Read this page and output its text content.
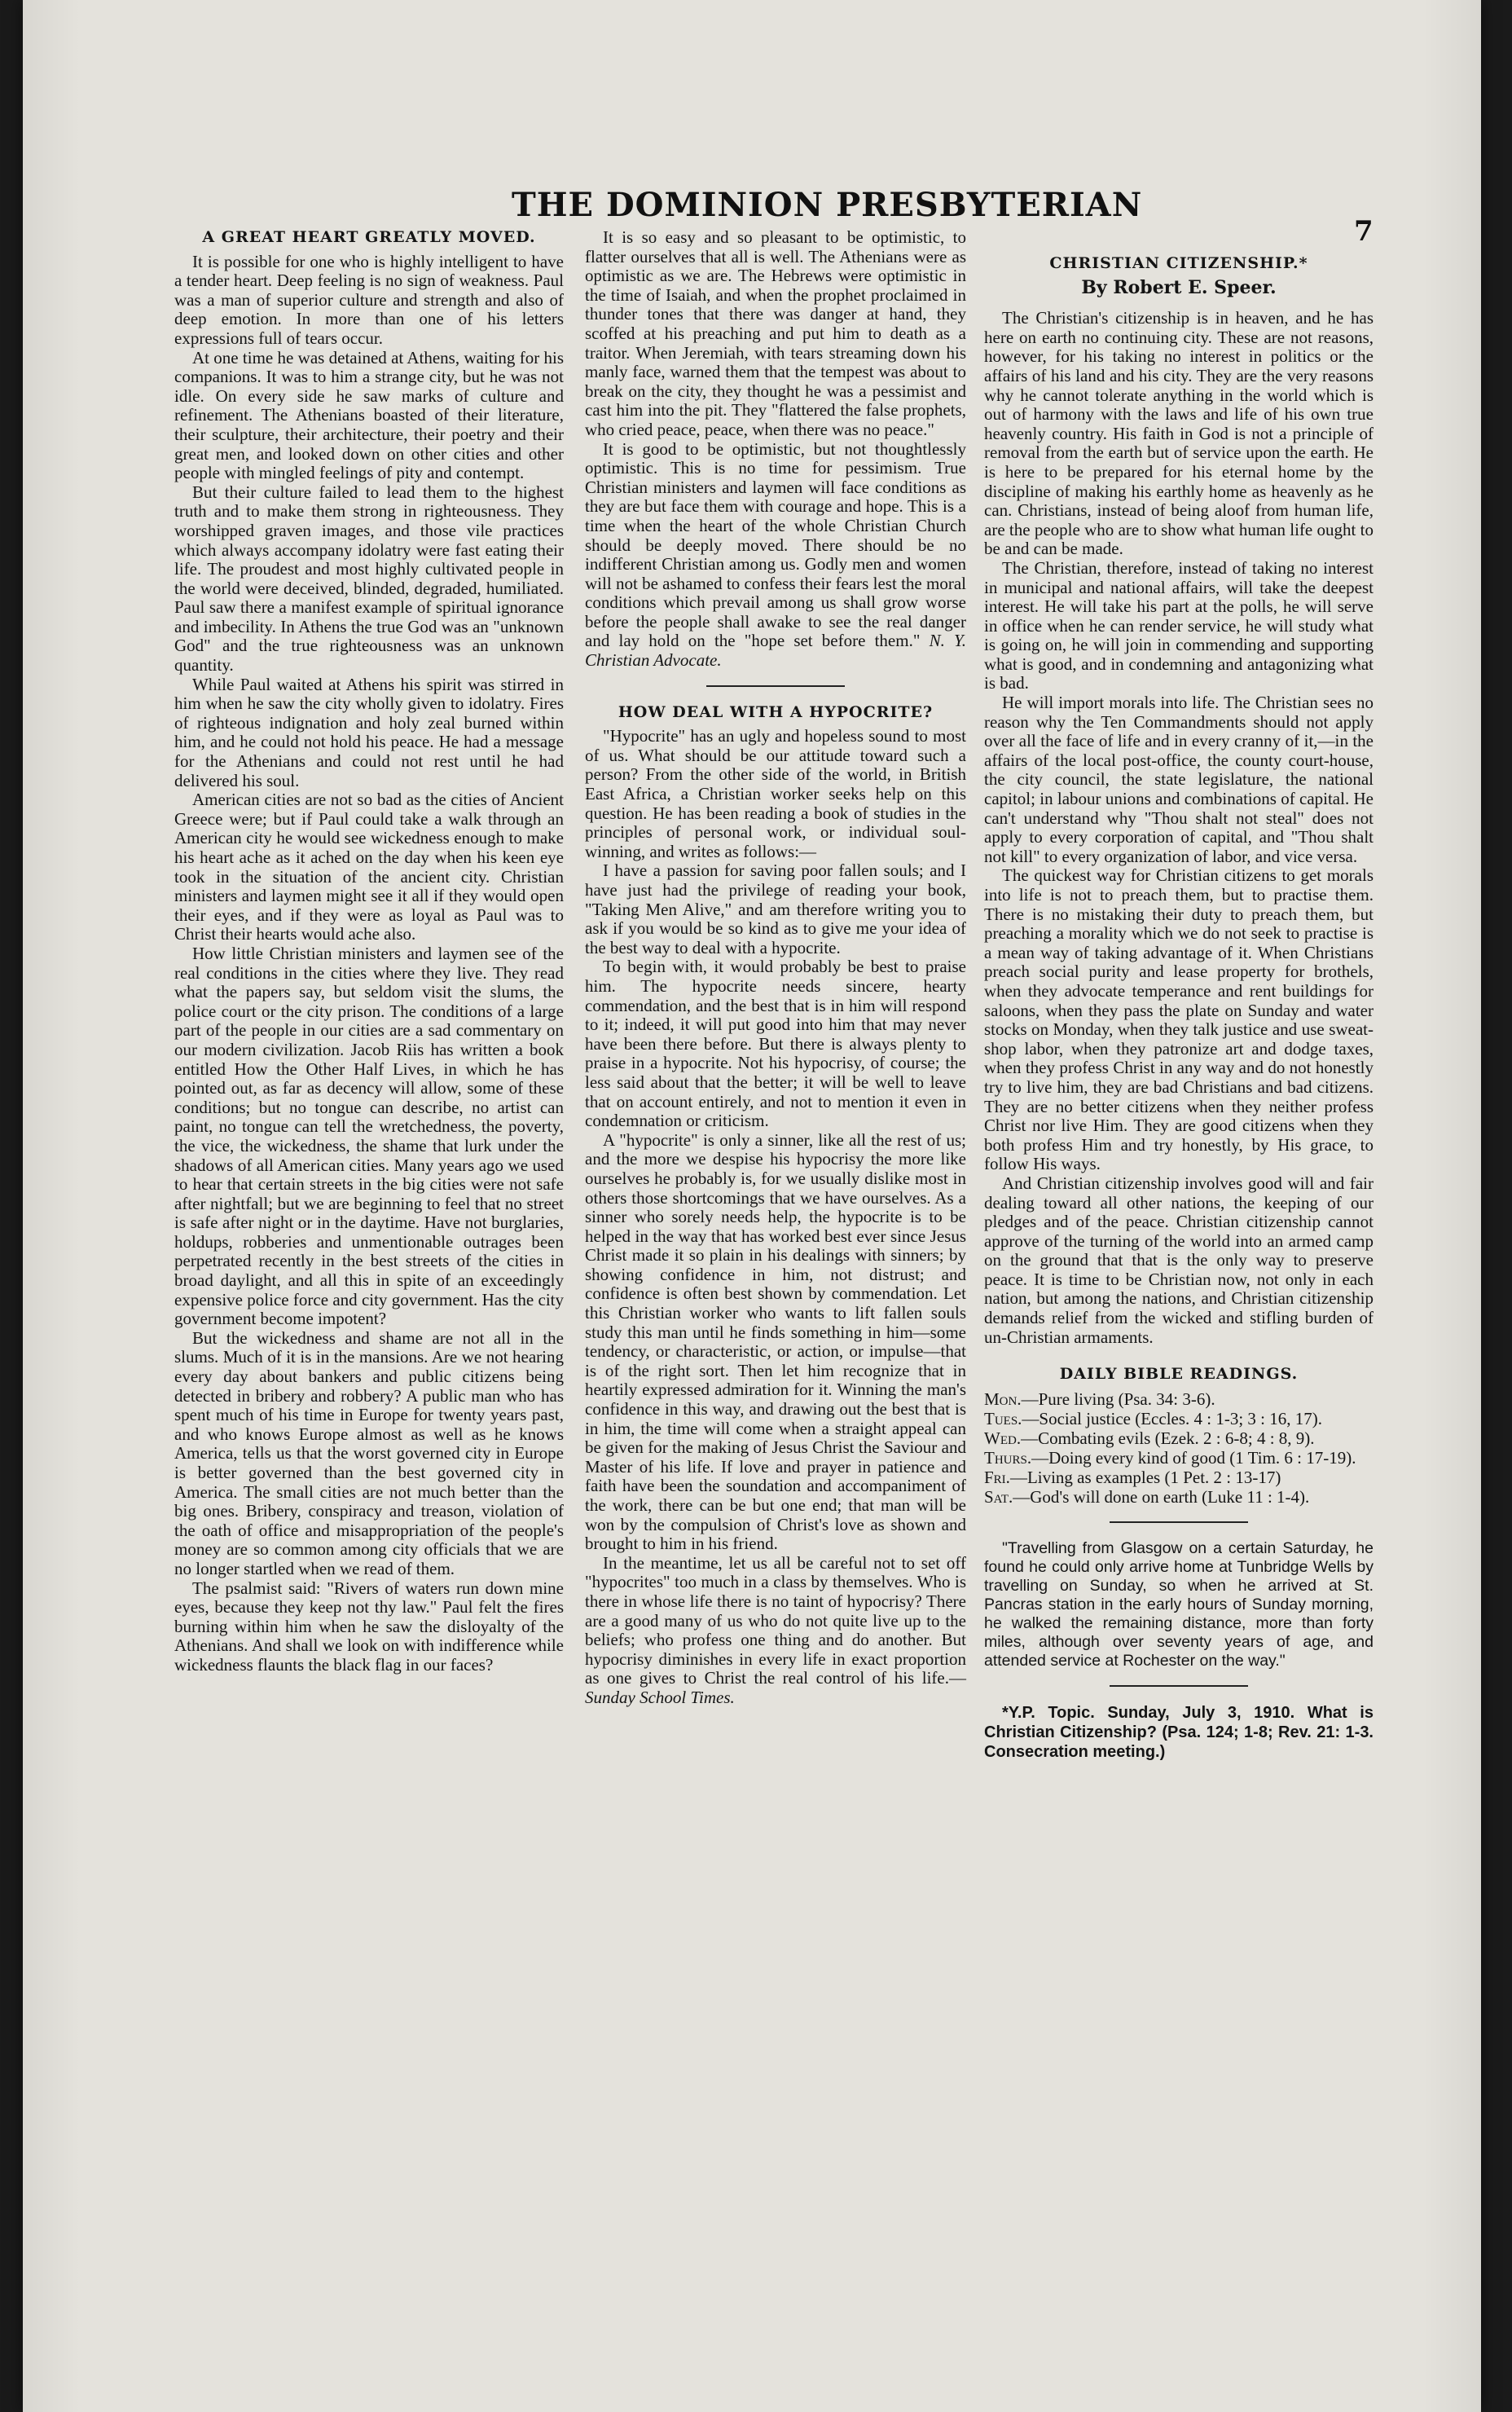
THE DOMINION PRESBYTERIAN
7
A GREAT HEART GREATLY MOVED.

It is possible for one who is highly intelligent to have a tender heart. Deep feeling is no sign of weakness. Paul was a man of superior culture and strength and also of deep emotion. In more than one of his letters expressions full of tears occur.

At one time he was detained at Athens, waiting for his companions. It was to him a strange city, but he was not idle. On every side he saw marks of culture and refinement. The Athenians boasted of their literature, their sculpture, their architecture, their poetry and their great men, and looked down on other cities and other people with mingled feelings of pity and contempt.

But their culture failed to lead them to the highest truth and to make them strong in righteousness. They worshipped graven images, and those vile practices which always accompany idolatry were fast eating their life. The proudest and most highly cultivated people in the world were deceived, blinded, degraded, humiliated. Paul saw there a manifest example of spiritual ignorance and imbecility. In Athens the true God was an "unknown God" and the true righteousness was an unknown quantity.

While Paul waited at Athens his spirit was stirred in him when he saw the city wholly given to idolatry. Fires of righteous indignation and holy zeal burned within him, and he could not hold his peace. He had a message for the Athenians and could not rest until he had delivered his soul.

American cities are not so bad as the cities of Ancient Greece were; but if Paul could take a walk through an American city he would see wickedness enough to make his heart ache as it ached on the day when his keen eye took in the situation of the ancient city. Christian ministers and laymen might see it all if they would open their eyes, and if they were as loyal as Paul was to Christ their hearts would ache also.

How little Christian ministers and laymen see of the real conditions in the cities where they live. They read what the papers say, but seldom visit the slums, the police court or the city prison. The conditions of a large part of the people in our cities are a sad commentary on our modern civilization. Jacob Riis has written a book entitled How the Other Half Lives, in which he has pointed out, as far as decency will allow, some of these conditions; but no tongue can describe, no artist can paint, no tongue can tell the wretchedness, the poverty, the vice, the wickedness, the shame that lurk under the shadows of all American cities. Many years ago we used to hear that certain streets in the big cities were not safe after nightfall; but we are beginning to feel that no street is safe after night or in the daytime. Have not burglaries, holdups, robberies and unmentionable outrages been perpetrated recently in the best streets of the cities in broad daylight, and all this in spite of an exceedingly expensive police force and city government. Has the city government become impotent?

But the wickedness and shame are not all in the slums. Much of it is in the mansions. Are we not hearing every day about bankers and public citizens being detected in bribery and robbery? A public man who has spent much of his time in Europe for twenty years past, and who knows Europe almost as well as he knows America, tells us that the worst governed city in Europe is better governed than the best governed city in America. The small cities are not much better than the big ones. Bribery, conspiracy and treason, violation of the oath of office and misappropriation of the people's money are so common among city officials that we are no longer startled when we read of them.

The psalmist said: "Rivers of waters run down mine eyes, because they keep not thy law." Paul felt the fires burning within him when he saw the disloyalty of the Athenians. And shall we look on with indifference while wickedness flaunts the black flag in our faces?

It is so easy and so pleasant to be optimistic, to flatter ourselves that all is well. The Athenians were as optimistic as we are. The Hebrews were optimistic in the time of Isaiah, and when the prophet proclaimed in thunder tones that there was danger at hand, they scoffed at his preaching and put him to death as a traitor. When Jeremiah, with tears streaming down his manly face, warned them that the tempest was about to break on the city, they thought he was a pessimist and cast him into the pit. They "flattered the false prophets, who cried peace, peace, when there was no peace."

It is good to be optimistic, but not thoughtlessly optimistic. This is no time for pessimism. True Christian ministers and laymen will face conditions as they are but face them with courage and hope. This is a time when the heart of the whole Christian Church should be deeply moved. There should be no indifferent Christian among us. Godly men and women will not be ashamed to confess their fears lest the moral conditions which prevail among us shall grow worse before the people shall awake to see the real danger and lay hold on the "hope set before them." N. Y. Christian Advocate.

HOW DEAL WITH A HYPOCRITE?

"Hypocrite" has an ugly and hopeless sound to most of us. What should be our attitude toward such a person? From the other side of the world, in British East Africa, a Christian worker seeks help on this question. He has been reading a book of studies in the principles of personal work, or individual soul-winning, and writes as follows:—

I have a passion for saving poor fallen souls; and I have just had the privilege of reading your book, "Taking Men Alive," and am therefore writing you to ask if you would be so kind as to give me your idea of the best way to deal with a hypocrite.

To begin with, it would probably be best to praise him. The hypocrite needs sincere, hearty commendation, and the best that is in him will respond to it; indeed, it will put good into him that may never have been there before. But there is always plenty to praise in a hypocrite. Not his hypocrisy, of course; the less said about that the better; it will be well to leave that on account entirely, and not to mention it even in condemnation or criticism.

A "hypocrite" is only a sinner, like all the rest of us; and the more we despise his hypocrisy the more like ourselves he probably is, for we usually dislike most in others those shortcomings that we have ourselves. As a sinner who sorely needs help, the hypocrite is to be helped in the way that has worked best ever since Jesus Christ made it so plain in his dealings with sinners; by showing confidence in him, not distrust; and confidence is often best shown by commendation. Let this Christian worker who wants to lift fallen souls study this man until he finds something in him—some tendency, or characteristic, or action, or impulse—that is of the right sort. Then let him recognize that in heartily expressed admiration for it. Winning the man's confidence in this way, and drawing out the best that is in him, the time will come when a straight appeal can be given for the making of Jesus Christ the Saviour and Master of his life. If love and prayer in patience and faith have been the soundation and accompaniment of the work, there can be but one end; that man will be won by the compulsion of Christ's love as shown and brought to him in his friend.

In the meantime, let us all be careful not to set off "hypocrites" too much in a class by themselves. Who is there in whose life there is no taint of hypocrisy? There are a good many of us who do not quite live up to the beliefs; who profess one thing and do another. But hypocrisy diminishes in every life in exact proportion as one gives to Christ the real control of his life.—Sunday School Times.

CHRISTIAN CITIZENSHIP.*
By Robert E. Speer.

The Christian's citizenship is in heaven, and he has here on earth no continuing city. These are not reasons, however, for his taking no interest in politics or the affairs of his land and his city. They are the very reasons why he cannot tolerate anything in the world which is out of harmony with the laws and life of his own true heavenly country. His faith in God is not a principle of removal from the earth but of service upon the earth. He is here to be prepared for his eternal home by the discipline of making his earthly home as heavenly as he can. Christians, instead of being aloof from human life, are the people who are to show what human life ought to be and can be made.

The Christian, therefore, instead of taking no interest in municipal and national affairs, will take the deepest interest. He will take his part at the polls, he will serve in office when he can render service, he will study what is going on, he will join in commending and supporting what is good, and in condemning and antagonizing what is bad.

He will import morals into life. The Christian sees no reason why the Ten Commandments should not apply over all the face of life and in every cranny of it,—in the affairs of the local post-office, the county court-house, the city council, the state legislature, the national capitol; in labour unions and combinations of capital. He can't understand why "Thou shalt not steal" does not apply to every corporation of capital, and "Thou shalt not kill" to every organization of labor, and vice versa.

The quickest way for Christian citizens to get morals into life is not to preach them, but to practise them. There is no mistaking their duty to preach them, but preaching a morality which we do not seek to practise is a mean way of taking advantage of it. When Christians preach social purity and lease property for brothels, when they advocate temperance and rent buildings for saloons, when they pass the plate on Sunday and water stocks on Monday, when they talk justice and use sweat-shop labor, when they patronize art and dodge taxes, when they profess Christ in any way and do not honestly try to live him, they are bad Christians and bad citizens. They are no better citizens when they neither profess Christ nor live Him. They are good citizens when they both profess Him and try honestly, by His grace, to follow His ways.

And Christian citizenship involves good will and fair dealing toward all other nations, the keeping of our pledges and of the peace. Christian citizenship cannot approve of the turning of the world into an armed camp on the ground that that is the only way to preserve peace. It is time to be Christian now, not only in each nation, but among the nations, and Christian citizenship demands relief from the wicked and stifling burden of un-Christian armaments.

DAILY BIBLE READINGS.

Mon.—Pure living (Psa. 34: 3-6).

Tues.—Social justice (Eccles. 4 : 1-3; 3 : 16, 17).

Wed.—Combating evils (Ezek. 2 : 6-8; 4 : 8, 9).

Thurs.—Doing every kind of good (1 Tim. 6 : 17-19).

Fri.—Living as examples (1 Pet. 2 : 13-17)

Sat.—God's will done on earth (Luke 11 : 1-4).

"Travelling from Glasgow on a certain Saturday, he found he could only arrive home at Tunbridge Wells by travelling on Sunday, so when he arrived at St. Pancras station in the early hours of Sunday morning, he walked the remaining distance, more than forty miles, although over seventy years of age, and attended service at Rochester on the way."

*Y.P. Topic. Sunday, July 3, 1910. What is Christian Citizenship? (Psa. 124; 1-8; Rev. 21: 1-3. Consecration meeting.)
